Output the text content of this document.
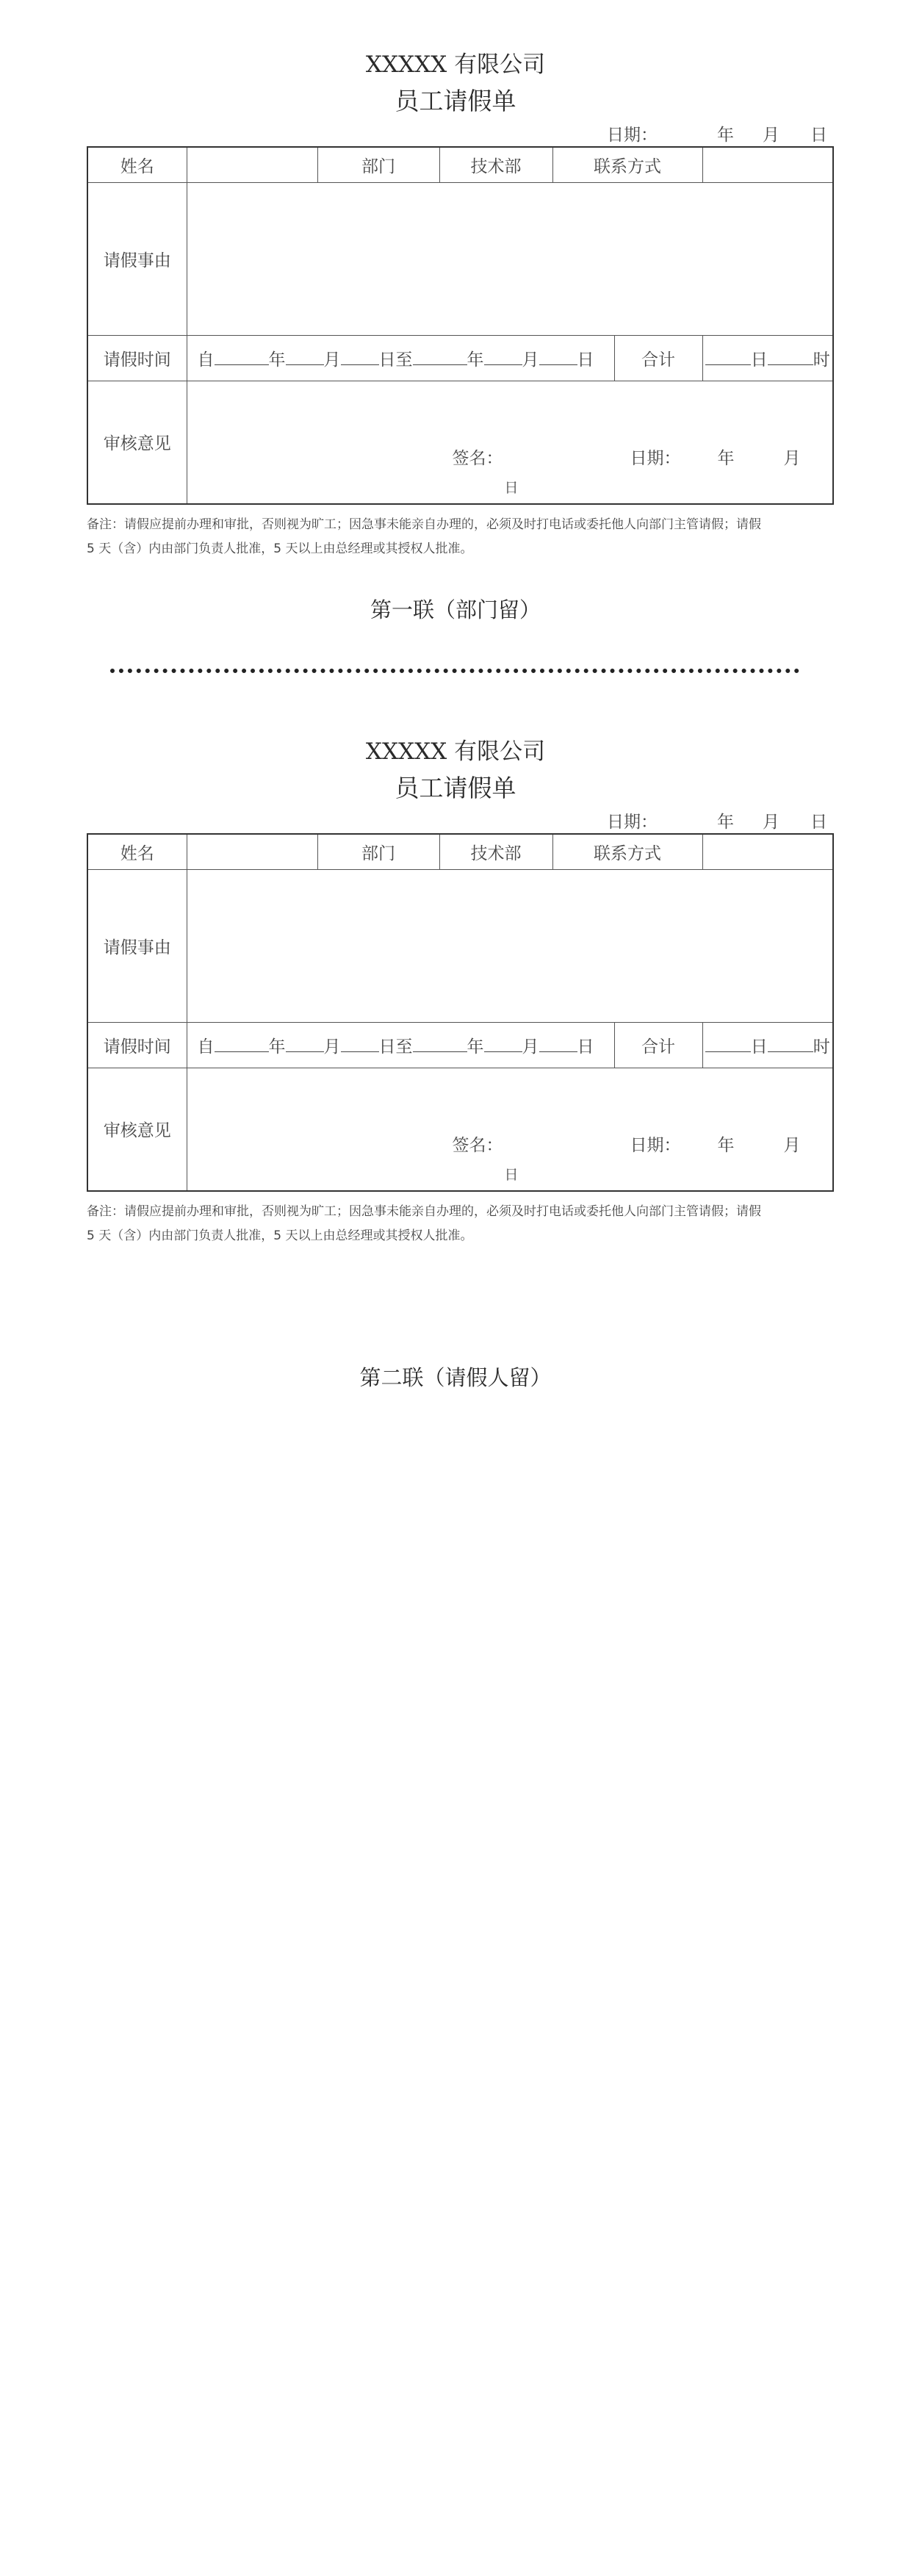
XXXXX 有限公司
员工请假单
日期：	年 月 日
姓名		部门	技术部	联系方式		
请假事由						
请假时间	自 年 月 日至 年 月 日				合计	日 时
审核意见	签名： 日期： 年 月
日					
备注：请假应提前办理和审批，否则视为旷工；因急事未能亲自办理的，必须及时打电话或委托他人向部门主管请假；请假
5 天（含）内由部门负责人批准，5 天以上由总经理或其授权人批准。
第一联（部门留）
XXXXX 有限公司
员工请假单
日期：	年 月 日
姓名		部门	技术部	联系方式		
请假事由						
请假时间	自 年 月 日至 年 月 日				合计	日 时
审核意见	签名： 日期： 年 月
日					
备注：请假应提前办理和审批，否则视为旷工；因急事未能亲自办理的，必须及时打电话或委托他人向部门主管请假；请假
5 天（含）内由部门负责人批准，5 天以上由总经理或其授权人批准。
第二联（请假人留）
